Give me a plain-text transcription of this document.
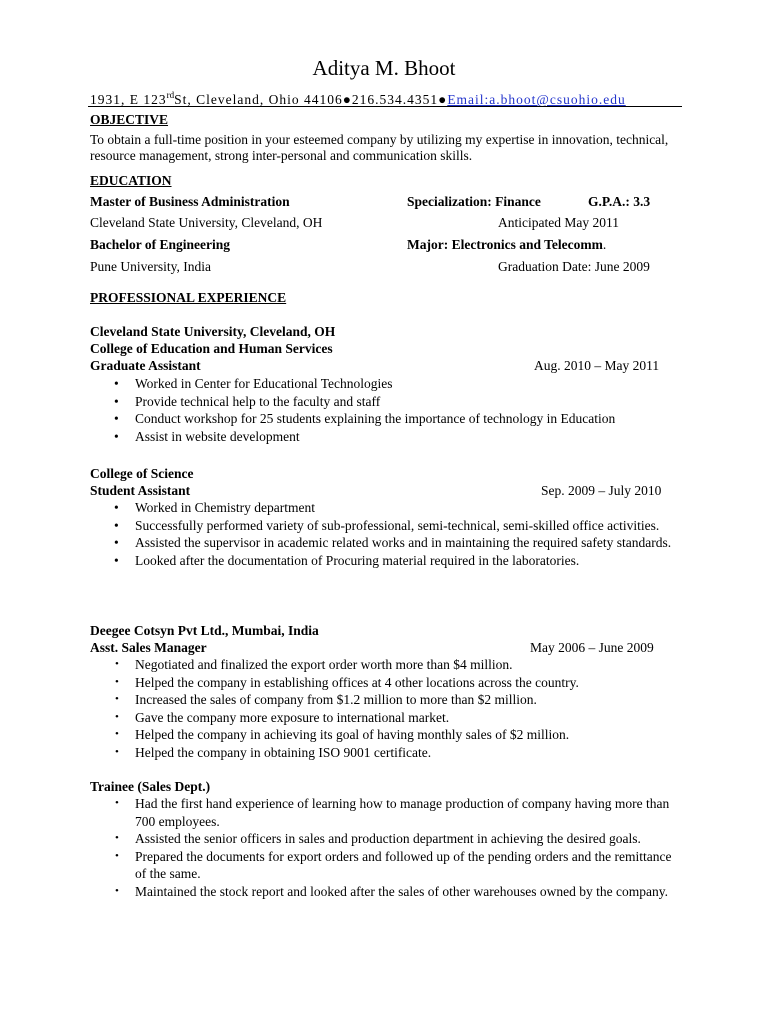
Aditya M. Bhoot
1931, E 123rdSt, Cleveland, Ohio 44106●216.534.4351●Email:a.bhoot@csuohio.edu
OBJECTIVE
To obtain a full-time position in your esteemed company by utilizing my expertise in innovation, technical, resource management, strong inter-personal and communication skills.
EDUCATION
Master of Business Administration	Specialization: Finance	G.P.A.: 3.3
Cleveland State University, Cleveland, OH	Anticipated May 2011
Bachelor of Engineering	Major: Electronics and Telecomm.
Pune University, India	Graduation Date: June 2009
PROFESSIONAL EXPERIENCE
Cleveland State University, Cleveland, OH
College of Education and Human Services
Graduate Assistant	Aug. 2010 – May 2011
• Worked in Center for Educational Technologies
• Provide technical help to the faculty and staff
• Conduct workshop for 25 students explaining the importance of technology in Education
• Assist in website development
College of Science
Student Assistant	Sep. 2009 – July 2010
• Worked in Chemistry department
• Successfully performed variety of sub-professional, semi-technical, semi-skilled office activities.
• Assisted the supervisor in academic related works and in maintaining the required safety standards.
• Looked after the documentation of Procuring material required in the laboratories.
Deegee Cotsyn Pvt Ltd., Mumbai, India
Asst. Sales Manager	May 2006 – June 2009
• Negotiated and finalized the export order worth more than $4 million.
• Helped the company in establishing offices at 4 other locations across the country.
• Increased the sales of company from $1.2 million to more than $2 million.
• Gave the company more exposure to international market.
• Helped the company in achieving its goal of having monthly sales of $2 million.
• Helped the company in obtaining ISO 9001 certificate.
Trainee (Sales Dept.)
• Had the first hand experience of learning how to manage production of company having more than 700 employees.
• Assisted the senior officers in sales and production department in achieving the desired goals.
• Prepared the documents for export orders and followed up of the pending orders and the remittance of the same.
• Maintained the stock report and looked after the sales of other warehouses owned by the company.
